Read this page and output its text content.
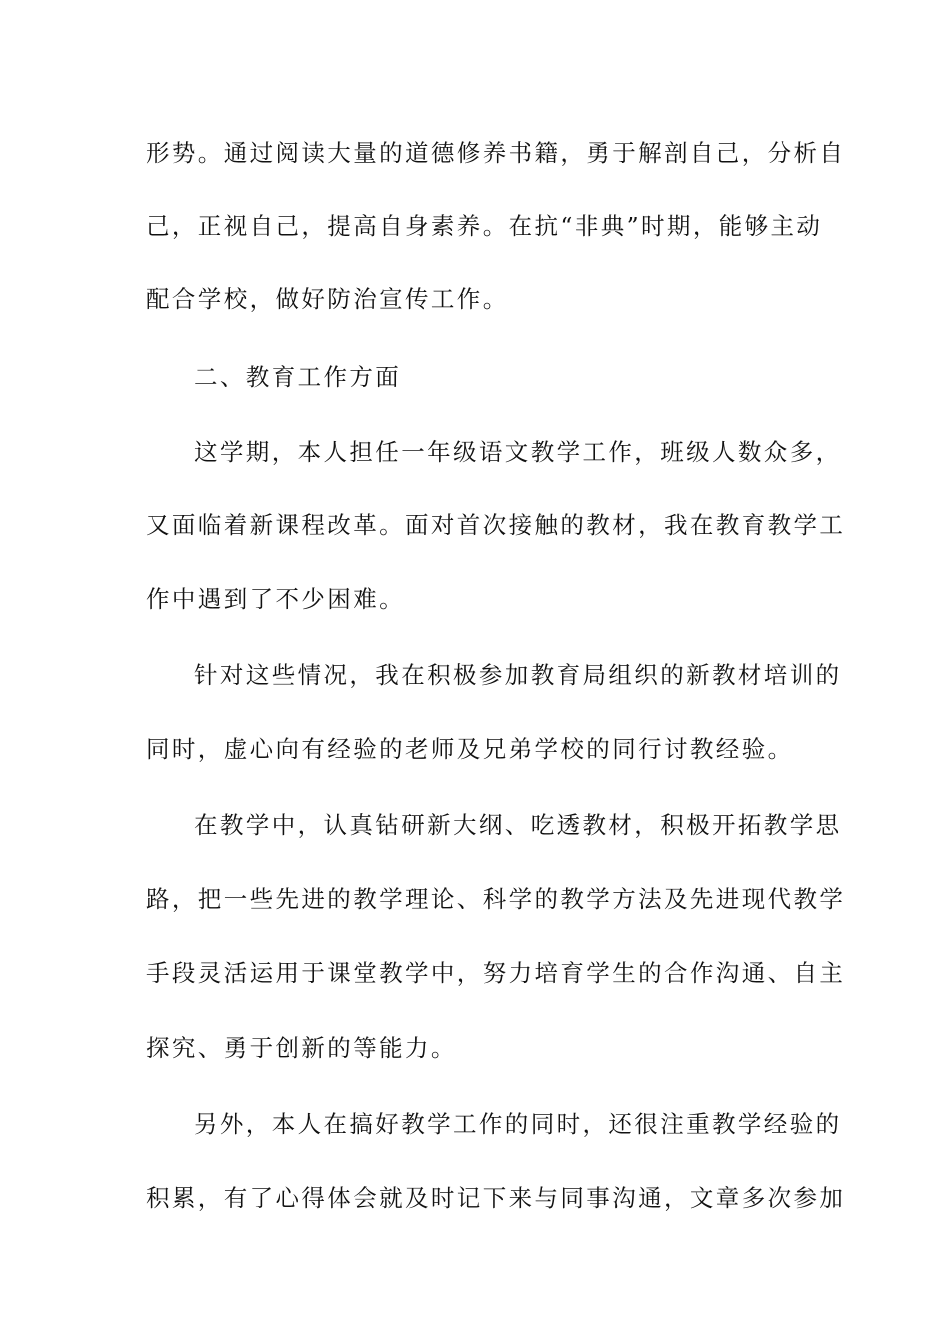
形势。通过阅读大量的道德修养书籍，勇于解剖自己，分析自
己，正视自己，提高自身素养。在抗“非典”时期，能够主动
配合学校，做好防治宣传工作。
二、教育工作方面
这学期，本人担任一年级语文教学工作，班级人数众多，
又面临着新课程改革。面对首次接触的教材，我在教育教学工
作中遇到了不少困难。
针对这些情况，我在积极参加教育局组织的新教材培训的
同时，虚心向有经验的老师及兄弟学校的同行讨教经验。
在教学中，认真钻研新大纲、吃透教材，积极开拓教学思
路，把一些先进的教学理论、科学的教学方法及先进现代教学
手段灵活运用于课堂教学中，努力培育学生的合作沟通、自主
探究、勇于创新的等能力。
另外，本人在搞好教学工作的同时，还很注重教学经验的
积累，有了心得体会就及时记下来与同事沟通，文章多次参加
